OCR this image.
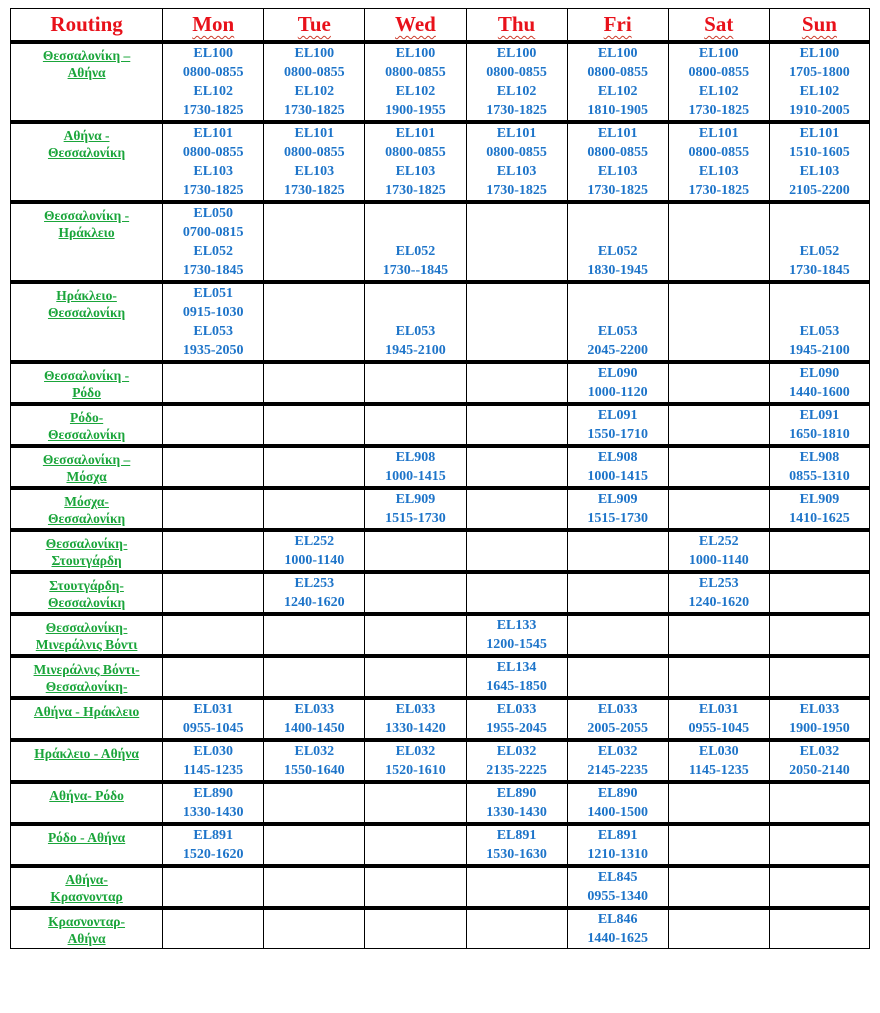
Routing	Mon	Tue	Wed	Thu	Fri	Sat	Sun
Θεσσαλονίκη –
Αθήνα	EL100
0800-0855
EL102
1730-1825	EL100
0800-0855
EL102
1730-1825	EL100
0800-0855
EL102
1900-1955	EL100
0800-0855
EL102
1730-1825	EL100
0800-0855
EL102
1810-1905	EL100
0800-0855
EL102
1730-1825	EL100
1705-1800
EL102
1910-2005

Αθήνα -
Θεσσαλονίκη	EL101
0800-0855
EL103
1730-1825	EL101
0800-0855
EL103
1730-1825	EL101
0800-0855
EL103
1730-1825	EL101
0800-0855
EL103
1730-1825	EL101
0800-0855
EL103
1730-1825	EL101
0800-0855
EL103
1730-1825	EL101
1510-1605
EL103
2105-2200

Θεσσαλονίκη -
Ηράκλειο	EL050
0700-0815
EL052
1730-1845		EL052
1730--1845		EL052
1830-1945		EL052
1730-1845

Ηράκλειο-
Θεσσαλονίκη	EL051
0915-1030
EL053
1935-2050		EL053
1945-2100		EL053
2045-2200		EL053
1945-2100

Θεσσαλονίκη -
Ρόδο					EL090
1000-1120		EL090
1440-1600

Ρόδο-
Θεσσαλονίκη					EL091
1550-1710		EL091
1650-1810

Θεσσαλονίκη –
Μόσχα			EL908
1000-1415		EL908
1000-1415		EL908
0855-1310

Μόσχα-
Θεσσαλονίκη			EL909
1515-1730		EL909
1515-1730		EL909
1410-1625

Θεσσαλονίκη-
Στουτγάρδη		EL252
1000-1140				EL252
1000-1140	

Στουτγάρδη-
Θεσσαλονίκη		EL253
1240-1620				EL253
1240-1620	

Θεσσαλονίκη-
Μινεράλνις Βόντι				EL133
1200-1545			

Μινεράλνις Βόντι-
Θεσσαλονίκη-				EL134
1645-1850			

Αθήνα - Ηράκλειο	EL031
0955-1045	EL033
1400-1450	EL033
1330-1420	EL033
1955-2045	EL033
2005-2055	EL031
0955-1045	EL033
1900-1950

Ηράκλειο - Αθήνα	EL030
1145-1235	EL032
1550-1640	EL032
1520-1610	EL032
2135-2225	EL032
2145-2235	EL030
1145-1235	EL032
2050-2140

Αθήνα- Ρόδο	EL890
1330-1430			EL890
1330-1430	EL890
1400-1500		

Ρόδο - Αθήνα	EL891
1520-1620			EL891
1530-1630	EL891
1210-1310		

Αθήνα-
Κρασνονταρ					EL845
0955-1340		

Κρασνονταρ-
Αθήνα					EL846
1440-1625		
